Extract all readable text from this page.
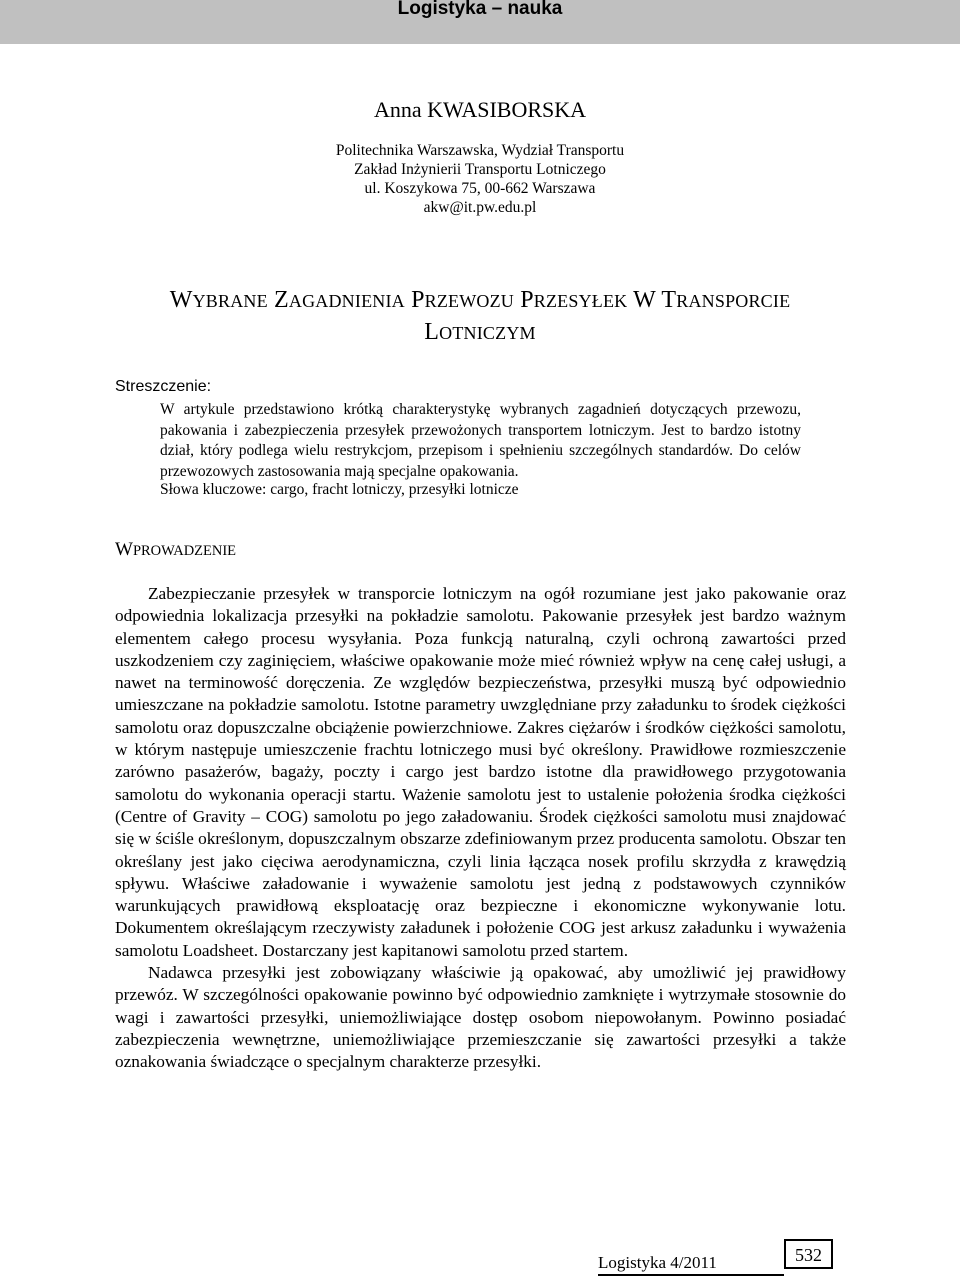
Logistyka – nauka
Anna KWASIBORSKA
Politechnika Warszawska, Wydział Transportu
Zakład Inżynierii Transportu Lotniczego
ul. Koszykowa 75, 00-662 Warszawa
akw@it.pw.edu.pl
WYBRANE ZAGADNIENIA PRZEWOZU PRZESYŁEK W TRANSPORCIE
LOTNICZYM
Streszczenie:
W artykule przedstawiono krótką charakterystykę wybranych zagadnień dotyczących przewozu, pakowania i zabezpieczenia przesyłek przewożonych transportem lotniczym. Jest to bardzo istotny dział, który podlega wielu restrykcjom, przepisom i spełnieniu szczególnych standardów. Do celów przewozowych zastosowania mają specjalne opakowania.
Słowa kluczowe: cargo, fracht lotniczy, przesyłki lotnicze
WPROWADZENIE

Zabezpieczanie przesyłek w transporcie lotniczym na ogół rozumiane jest jako pakowanie oraz odpowiednia lokalizacja przesyłki na pokładzie samolotu. Pakowanie przesyłek jest bardzo ważnym elementem całego procesu wysyłania. Poza funkcją naturalną, czyli ochroną zawartości przed uszkodzeniem czy zaginięciem, właściwe opakowanie może mieć również wpływ na cenę całej usługi, a nawet na terminowość doręczenia. Ze względów bezpieczeństwa, przesyłki muszą być odpowiednio umieszczane na pokładzie samolotu. Istotne parametry uwzględniane przy załadunku to środek ciężkości samolotu oraz dopuszczalne obciążenie powierzchniowe. Zakres ciężarów i środków ciężkości samolotu, w którym następuje umieszczenie frachtu lotniczego musi być określony. Prawidłowe rozmieszczenie zarówno pasażerów, bagaży, poczty i cargo jest bardzo istotne dla prawidłowego przygotowania samolotu do wykonania operacji startu. Ważenie samolotu jest to ustalenie położenia środka ciężkości (Centre of Gravity – COG) samolotu po jego załadowaniu. Środek ciężkości samolotu musi znajdować się w ściśle określonym, dopuszczalnym obszarze zdefiniowanym przez producenta samolotu. Obszar ten określany jest jako cięciwa aerodynamiczna, czyli linia łącząca nosek profilu skrzydła z krawędzią spływu. Właściwe załadowanie i wyważenie samolotu jest jedną z podstawowych czynników warunkujących prawidłową eksploatację oraz bezpieczne i ekonomiczne wykonywanie lotu. Dokumentem określającym rzeczywisty załadunek i położenie COG jest arkusz załadunku i wyważenia samolotu Loadsheet. Dostarczany jest kapitanowi samolotu przed startem.

Nadawca przesyłki jest zobowiązany właściwie ją opakować, aby umożliwić jej prawidłowy przewóz. W szczególności opakowanie powinno być odpowiednio zamknięte i wytrzymałe stosownie do wagi i zawartości przesyłki, uniemożliwiające dostęp osobom niepowołanym. Powinno posiadać zabezpieczenia wewnętrzne, uniemożliwiające przemieszczanie się zawartości przesyłki a także oznakowania świadczące o specjalnym charakterze przesyłki.

Logistyka 4/2011	532
